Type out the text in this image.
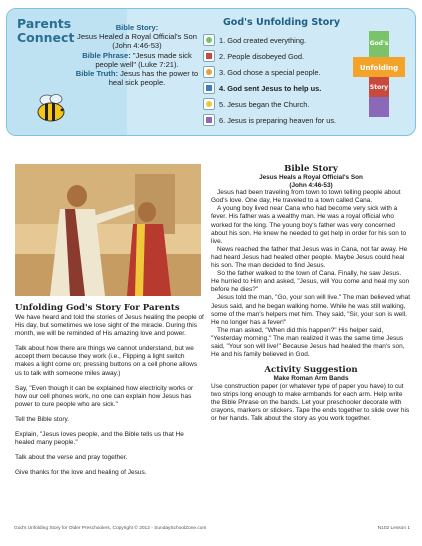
Parents Connect
Bible Story:
Jesus Healed a Royal Official's Son (John 4:46-53)
Bible Phrase: "Jesus made sick people well" (Luke 7:21).
Bible Truth: Jesus has the power to heal sick people.
God's Unfolding Story
1. God created everything.
2. People disobeyed God.
3. God chose a special people.
4. God sent Jesus to help us.
5. Jesus began the Church.
6. Jesus is preparing heaven for us.
God's
Unfolding
Story
Unfolding God's Story For Parents

We have heard and told the stories of Jesus healing the people of His day, but sometimes we lose sight of the miracle. During this month, we will be reminded of His amazing love and power.

Talk about how there are things we cannot understand, but we accept them because they work (i.e., Flipping a light switch makes a light come on; pressing buttons on a cell phone allows us to talk with someone miles away.)

Say, "Even though it can be explained how electricity works or how our cell phones work, no one can explain how Jesus has power to cure people who are sick."

Tell the Bible story.

Explain, "Jesus loves people, and the Bible tells us that He healed many people."

Talk about the verse and pray together.

Give thanks for the love and healing of Jesus.

Bible Story
Jesus Heals a Royal Official's Son
(John 4:46-53)

Jesus had been traveling from town to town telling people about God's love. One day, He traveled to a town called Cana.

A young boy lived near Cana who had become very sick with a fever. His father was a wealthy man. He was a royal official who worked for the king. The young boy's father was very concerned about his son. He knew he needed to get help in order for his son to live.

News reached the father that Jesus was in Cana, not far away. He had heard Jesus had healed other people. Maybe Jesus could heal his son. The man decided to find Jesus.

So the father walked to the town of Cana. Finally, he saw Jesus. He hurried to Him and asked, "Jesus, will You come and heal my son before he dies?"

Jesus told the man, "Go, your son will live." The man believed what Jesus said, and he began walking home. While he was still walking, some of the man's helpers met him. They said, "Sir, your son is well. He no longer has a fever!"

The man asked, "When did this happen?" His helper said, "Yesterday morning." The man realized it was the same time Jesus said, "Your son will live!" Because Jesus had healed the man's son, He and his family believed in God.

Activity Suggestion
Make Roman Arm Bands

Use construction paper (or whatever type of paper you have) to cut two strips long enough to make armbands for each arm. Help write the Bible Phrase on the bands. Let your preschooler decorate with crayons, markers or stickers. Tape the ends together to slide over his or her hands. Talk about the story as you work together.

God's Unfolding Story for Older Preschoolers, Copyright © 2012 - SundaySchoolZone.com	N102 Lesson 1
